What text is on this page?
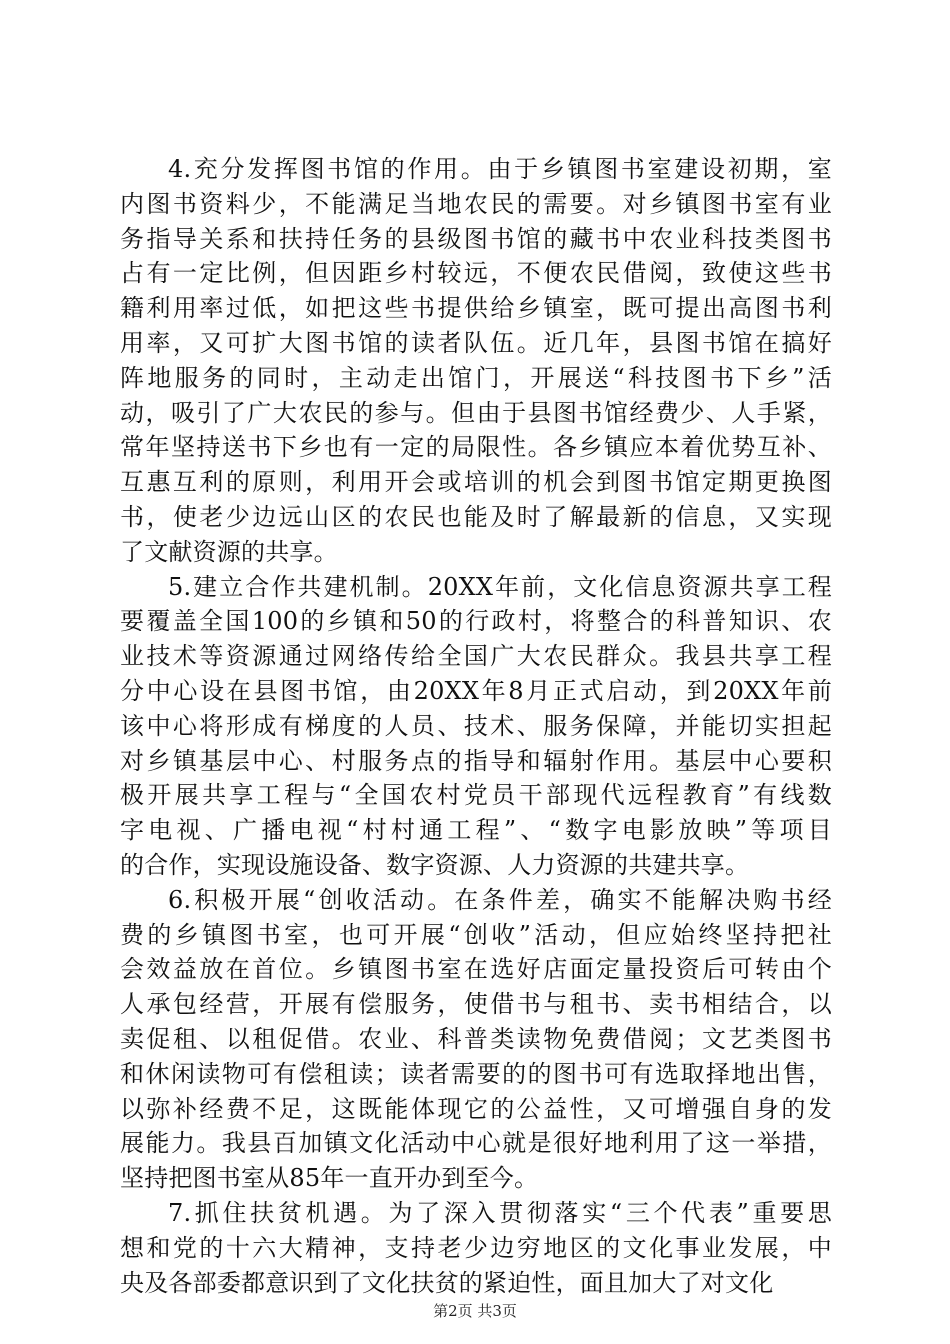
4.充分发挥图书馆的作用。由于乡镇图书室建设初期，室
内图书资料少，不能满足当地农民的需要。对乡镇图书室有业
务指导关系和扶持任务的县级图书馆的藏书中农业科技类图书
占有一定比例，但因距乡村较远，不便农民借阅，致使这些书
籍利用率过低，如把这些书提供给乡镇室，既可提出高图书利
用率，又可扩大图书馆的读者队伍。近几年，县图书馆在搞好
阵地服务的同时，主动走出馆门，开展送“科技图书下乡”活
动，吸引了广大农民的参与。但由于县图书馆经费少、人手紧，
常年坚持送书下乡也有一定的局限性。各乡镇应本着优势互补、
互惠互利的原则，利用开会或培训的机会到图书馆定期更换图
书，使老少边远山区的农民也能及时了解最新的信息，又实现
了文献资源的共享。
5.建立合作共建机制。20XX年前，文化信息资源共享工程
要覆盖全国100的乡镇和50的行政村，将整合的科普知识、农
业技术等资源通过网络传给全国广大农民群众。我县共享工程
分中心设在县图书馆，由20XX年8月正式启动，到20XX年前
该中心将形成有梯度的人员、技术、服务保障，并能切实担起
对乡镇基层中心、村服务点的指导和辐射作用。基层中心要积
极开展共享工程与“全国农村党员干部现代远程教育”有线数
字电视、广播电视“村村通工程”、“数字电影放映”等项目
的合作，实现设施设备、数字资源、人力资源的共建共享。
6.积极开展“创收活动。在条件差，确实不能解决购书经
费的乡镇图书室，也可开展“创收”活动，但应始终坚持把社
会效益放在首位。乡镇图书室在选好店面定量投资后可转由个
人承包经营，开展有偿服务，使借书与租书、卖书相结合，以
卖促租、以租促借。农业、科普类读物免费借阅；文艺类图书
和休闲读物可有偿租读；读者需要的的图书可有选取择地出售，
以弥补经费不足，这既能体现它的公益性，又可增强自身的发
展能力。我县百加镇文化活动中心就是很好地利用了这一举措，
坚持把图书室从85年一直开办到至今。
7.抓住扶贫机遇。为了深入贯彻落实“三个代表”重要思
想和党的十六大精神，支持老少边穷地区的文化事业发展，中
央及各部委都意识到了文化扶贫的紧迫性，面且加大了对文化
第2页 共3页
